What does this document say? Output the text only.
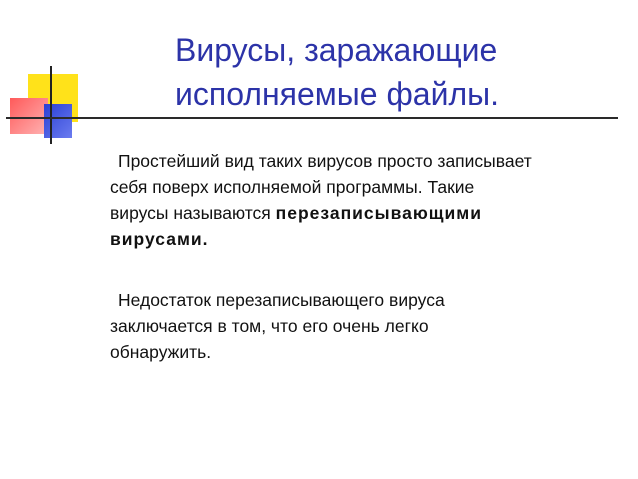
Вирусы, заражающие
исполняемые файлы.

Простейший вид таких вирусов просто записывает
себя поверх исполняемой программы. Такие
вирусы называются перезаписывающими
вирусами.

Недостаток перезаписывающего вируса
заключается в том, что его очень легко
обнаружить.
